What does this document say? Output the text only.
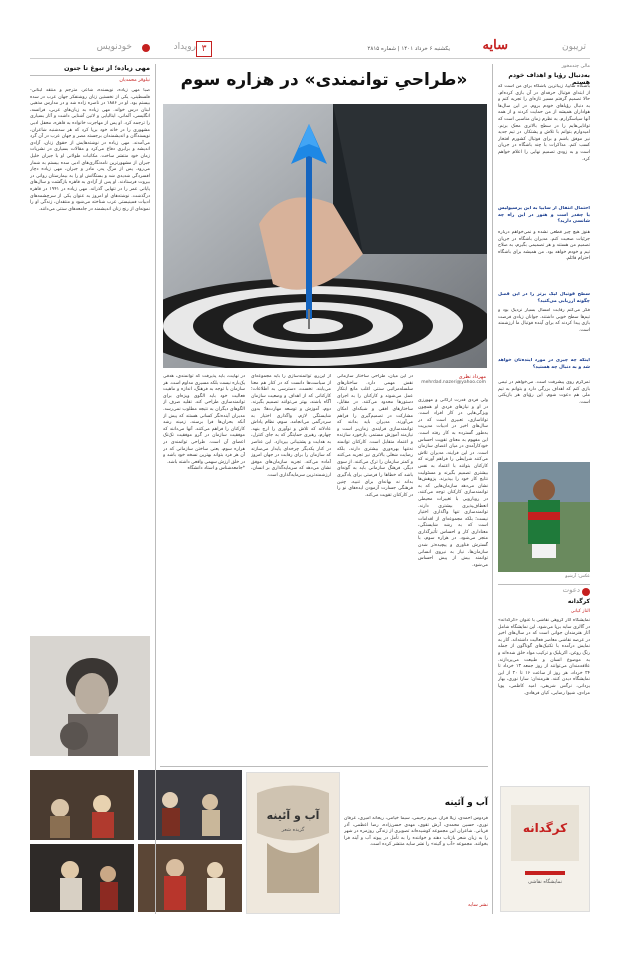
خودنویس	رویداد ۳	یکشنبه ۶ خرداد ۱۴۰۱ | شماره ۲۸۱۵	سایه	تریبون
مهی زیاده؛ از تبوغ تا جنون
نیلوفر محمدیان
صبا مهی زیاده، نویسنده، شاعر، مترجم و منتقد لبنانی-فلسطینی، یکی از نخستین زنان روشنفکر جهان عرب در سده بیستم بود. او در ۱۸۸۶ در ناصره زاده شد و در مدارس مذهبی لبنان درس خواند. مهی زیاده به زبان‌های عربی، فرانسه، انگلیسی، آلمانی، ایتالیایی و لاتین آشنایی داشت و آثار بسیاری را ترجمه کرد. او پس از مهاجرت خانواده به قاهره، محفل ادبی مشهوری را در خانه خود برپا کرد که هر سه‌شنبه شاعران، نویسندگان و اندیشمندان برجسته مصر و جهان عرب در آن گرد می‌آمدند. مهی زیاده در نوشته‌هایش از حقوق زنان، آزادی اندیشه و برابری دفاع می‌کرد و مقالات بسیاری در نشریات زمان خود منتشر ساخت. مکاتبات طولانی او با جبران خلیل جبران از مشهورترین نامه‌نگاری‌های ادبی سده بیستم به شمار می‌رود. پس از مرگ پدر، مادر و جبران، مهی زیاده دچار افسردگی شدیدی شد و بستگانش او را به بیمارستان روانی در بیروت فرستادند. او پس از آزادی به قاهره بازگشت و سال‌های پایانی عمر را در تنهایی گذراند. مهی زیاده در ۱۹۴۱ در قاهره درگذشت. نوشته‌های او امروز به عنوان یکی از سرچشمه‌های ادبیات فمینیستی عرب شناخته می‌شود و منتقدان، زندگی او را نمونه‌ای از رنج زنان اندیشمند در جامعه‌های سنتی می‌دانند.
«طراحیِ توانمندی» در هزاره سوم
مهرداد نظری
mehrdad.nazeri@yahoo.com
ولی فردی قدرت ارگانی و مهورزی در او و نیازهای فردی او همچون ویژگی‌هایی در کار افراد است. تواناسازی، تعبیری است که در سال‌های اخیر در ادبیات مدیریت به‌طور گسترده به کار رفته است. این مفهوم به معنای تقویت احساس خودکارآمدی در میان اعضای سازمان است. در این فرایند، مدیران تلاش می‌کنند شرایطی را فراهم آورند که کارکنان بتوانند با اعتماد به نفس بیشتری تصمیم بگیرند و مسئولیت نتایج کار خود را بپذیرند. پژوهش‌ها نشان می‌دهد سازمان‌هایی که به توانمندسازی کارکنان توجه می‌کنند، در رویارویی با تغییرات محیطی انعطاف‌پذیری بیشتری دارند. توانمندسازی تنها واگذاری اختیار نیست؛ بلکه مجموعه‌ای از اقدامات است که به رشد شایستگی، معناداری کار و احساس تأثیرگذاری منجر می‌شود. در هزاره سوم، با گسترش فناوری و پیچیده‌تر شدن سازمان‌ها، نیاز به نیروی انسانی توانمند بیش از پیش احساس می‌شود.
در این میان، طراحی ساختار سازمانی نقش مهمی دارد. ساختارهای سلسله‌مراتبی سنتی اغلب مانع ابتکار عمل می‌شوند و کارکنان را به اجرای دستورها محدود می‌کنند. در مقابل، ساختارهای افقی و شبکه‌ای امکان مشارکت در تصمیم‌گیری را فراهم می‌آورند. مدیران باید بدانند که توانمندسازی فرایندی زمان‌بر است و نیازمند آموزش مستمر، بازخورد سازنده و اعتماد متقابل است. کارکنان توانمند نه‌تنها بهره‌وری بیشتری دارند، بلکه رضایت شغلی بالاتری نیز تجربه می‌کنند و کمتر سازمان را ترک می‌کنند. از سوی دیگر، فرهنگ سازمانی باید به گونه‌ای باشد که خطاها را فرصتی برای یادگیری بداند نه بهانه‌ای برای تنبیه. چنین فرهنگی جسارت آزمودن ایده‌های نو را در کارکنان تقویت می‌کند.
از این‌رو، توانمندسازی را باید مجموعه‌ای از سیاست‌ها دانست که در کنار هم معنا می‌یابند. نخست، دسترسی به اطلاعات؛ کارکنانی که از اهداف و وضعیت سازمان آگاه باشند، بهتر می‌توانند تصمیم بگیرند. دوم، آموزش و توسعه مهارت‌ها؛ بدون شایستگی لازم، واگذاری اختیار به سردرگمی می‌انجامد. سوم، نظام پاداش عادلانه که تلاش و نوآوری را ارج بنهد. چهارم، رهبری حمایتگر که به جای کنترل، به هدایت و پشتیبانی بپردازد. این عناصر در کنار یکدیگر چرخه‌ای پایدار می‌سازند که سازمان را برای رقابت در جهان امروز آماده می‌کند. تجربه سازمان‌های موفق نشان می‌دهد که سرمایه‌گذاری بر انسان، ارزشمندترین سرمایه‌گذاری است.
در نهایت، باید پذیرفت که توانمندی، هدفی یک‌باره نیست بلکه مسیری مداوم است. هر سازمان با توجه به فرهنگ، اندازه و ماهیت فعالیت خود باید الگوی ویژه‌ای برای توانمندسازی طراحی کند. تقلید صرف از الگوهای دیگران به نتیجه مطلوب نمی‌رسد. مدیران آینده‌نگر کسانی هستند که پیش از آنکه بحران‌ها فرا برسند، زمینه رشد کارکنان را فراهم می‌کنند. آنها می‌دانند که موفقیت سازمان در گرو موفقیت تک‌تک اعضای آن است. طراحی توانمندی در هزاره سوم، یعنی ساختن سازمانی که در آن هر فرد بتواند بهترین نسخه خود باشد و در خلق ارزش سهمی واقعی داشته باشد.
*جامعه‌شناس و استاد دانشگاه
آب و آئینه
گزیده شعر
آب و آئینه
فردوس احمدی، زیلا فراز، مریم رحیمی، سیما خیامی، ریحانه امیری، عرفان نوری، حسین محمدی، آرش تقوی، مهدی حسن‌زاده، رضا اعظمی، آذر قربانی. شاعران این مجموعه کوشیده‌اند تصویری از زندگی روزمره در شهر را به زبان شعر بازتاب دهند و خواننده را به تأمل در پیوند آب و آینه فرا بخوانند. مجموعه «آب و آئینه» را نشر سایه منتشر کرده است.
نشر سایه
مالی چندمخور
به‌دنبال رؤیا و اهداف خودم هستم
باشگاه سایپا، زیباترین باشگاه برای من است که از ابتدای فوتبال حرفه‌ای در آن بازی کرده‌ام. حالا تصمیم گرفتم مسیر تازه‌ای را تجربه کنم و به دنبال رؤیاهای خودم بروم. در این سال‌ها هواداران همیشه از من حمایت کردند و از همه آنها سپاسگزارم. به نظرم زمان مناسبی است که توانایی‌هایم را در سطح بالاتری محک بزنم. امیدوارم بتوانم با تلاش و پشتکار، در تیم جدید نیز موفق باشم و برای فوتبال کشورم افتخار کسب کنم. مذاکرات با چند باشگاه در جریان است و به زودی تصمیم نهایی را اعلام خواهم کرد.
احتمال انتقال از سایپا به این پرسپولیس یا چقدر است و هنوز در این راه چه شانسی دارید؟
هنوز هیچ چیز قطعی نشده و نمی‌خواهم درباره جزئیات صحبت کنم. مدیران باشگاه در جریان تصمیم من هستند و هر تصمیمی بگیرم، به صلاح تیم و خودم خواهد بود. من همیشه برای باشگاه احترام قائلم.
سطح فوتبال لیگ برتر را در این فصل چگونه ارزیابی می‌کنید؟
فکر می‌کنم رقابت امسال بسیار نزدیک بود و تیم‌ها سطح خوبی داشتند. جوانان زیادی فرصت بازی پیدا کردند که برای آینده فوتبال ما ارزشمند است.
اینکه چه چیزی در مورد آینده‌تان خواهد شد و به دنبال چه هستید؟
تمرکزم روی پیشرفت است. می‌خواهم در تیمی بازی کنم که اهداف بزرگی دارد و بتوانم به تیم ملی هم دعوت شوم. این رؤیای هر بازیکنی است.
عکس: آرشیو
دعوت
کرگدانه
الناز کیانی
نمایشگاه آثار گروهی نقاشی با عنوان «کرگدانه» در گالری سایه برپا می‌شود. این نمایشگاه شامل آثار هنرمندان جوانی است که در سال‌های اخیر در عرصه نقاشی معاصر فعالیت داشته‌اند. آثار به نمایش درآمده با تکنیک‌های گوناگون از جمله رنگ روغن، اکریلیک و ترکیب مواد خلق شده‌اند و به موضوع انسان و طبیعت می‌پردازند. علاقه‌مندان می‌توانند از روز جمعه ۱۳ خرداد تا ۲۴ خرداد، هر روز از ساعت ۱۶ تا ۲۰ از این نمایشگاه دیدن کنند. هنرمندان: سارا نوری، بهار یزدانی، نرگس شریفی، امید کاظمی، پویا مرادی، شیوا رضایی، کیان فرهادی.
کرگدانه
نمایشگاه نقاشی
